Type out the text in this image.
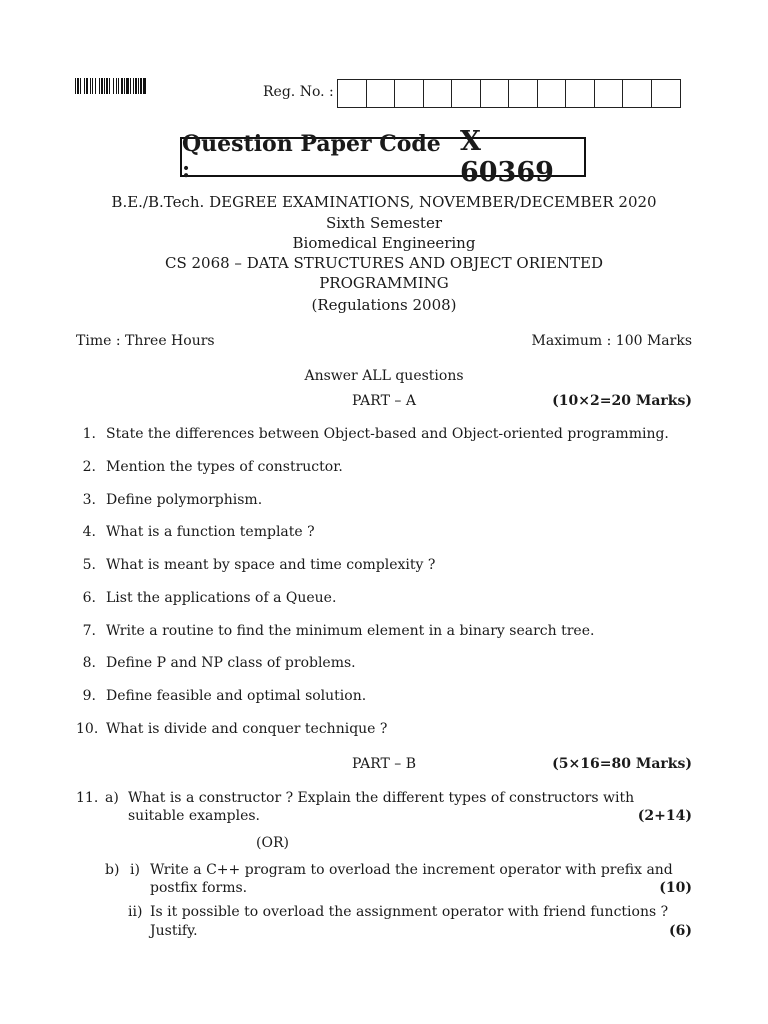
Reg. No. :
Question Paper Code :
X 60369
B.E./B.Tech. DEGREE EXAMINATIONS, NOVEMBER/DECEMBER 2020
Sixth Semester
Biomedical Engineering
CS 2068 – DATA STRUCTURES AND OBJECT ORIENTED
PROGRAMMING
(Regulations 2008)
Time : Three Hours	Maximum : 100 Marks
Answer ALL questions
PART – A	(10×2=20 Marks)
1. State the differences between Object-based and Object-oriented programming.
2. Mention the types of constructor.
3. Define polymorphism.
4. What is a function template ?
5. What is meant by space and time complexity ?
6. List the applications of a Queue.
7. Write a routine to find the minimum element in a binary search tree.
8. Define P and NP class of problems.
9. Define feasible and optimal solution.
10. What is divide and conquer technique ?
PART – B	(5×16=80 Marks)
11. a) What is a constructor ? Explain the different types of constructors with
suitable examples.	(2+14)
(OR)
b) i) Write a C++ program to overload the increment operator with prefix and
postfix forms.	(10)
ii) Is it possible to overload the assignment operator with friend functions ?
Justify.	(6)
